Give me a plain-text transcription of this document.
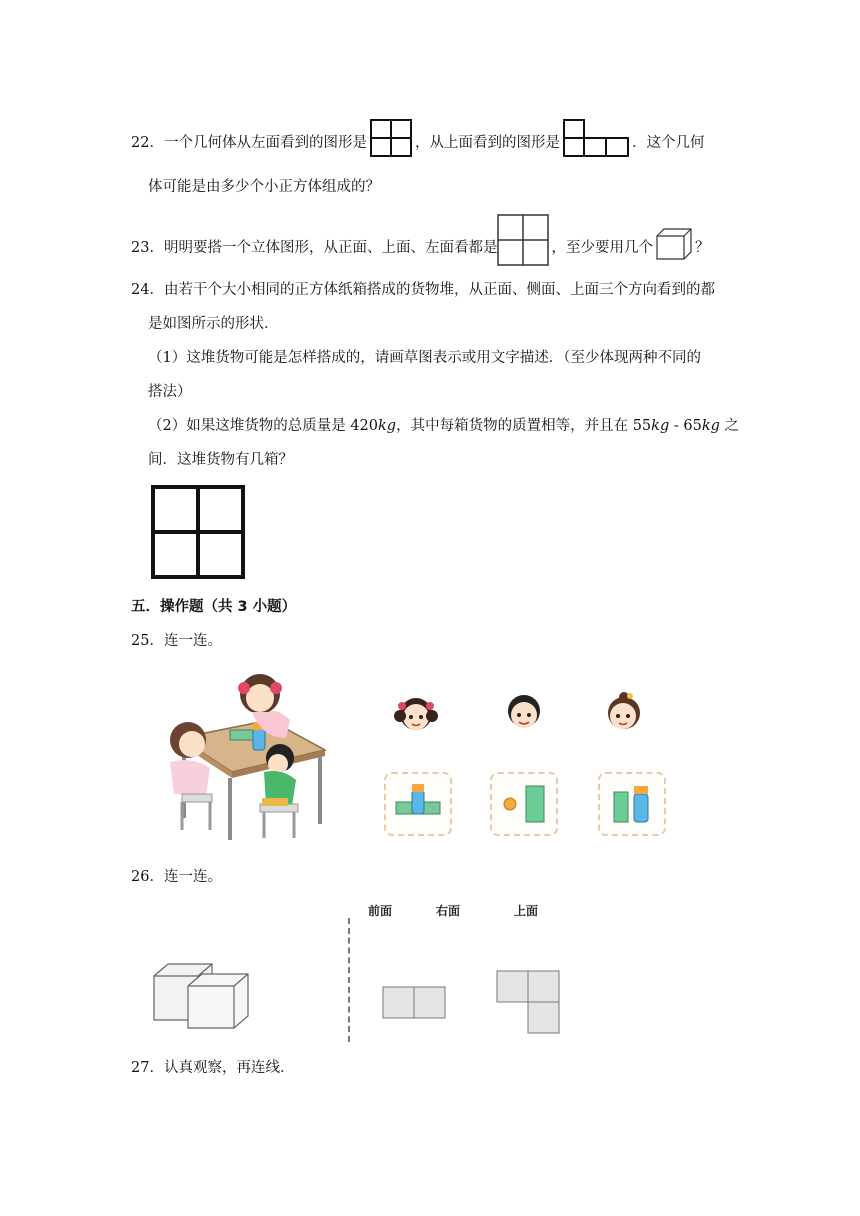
22．一个几何体从左面看到的图形是	，从上面看到的图形是	．这个几何
体可能是由多少个小正方体组成的？
23．明明要搭一个立体图形，从正面、上面、左面看都是	，至少要用几个	？
24．由若干个大小相同的正方体纸箱搭成的货物堆，从正面、侧面、上面三个方向看到的都
是如图所示的形状．
（1）这堆货物可能是怎样搭成的，请画草图表示或用文字描述．（至少体现两种不同的
搭法）
（2）如果这堆货物的总质量是 420kg，其中每箱货物的质置相等，并且在 55kg - 65kg 之
间．这堆货物有几箱？
五．操作题（共 3 小题）
25．连一连。
26．连一连。
前面	右面	上面
27．认真观察，再连线．
